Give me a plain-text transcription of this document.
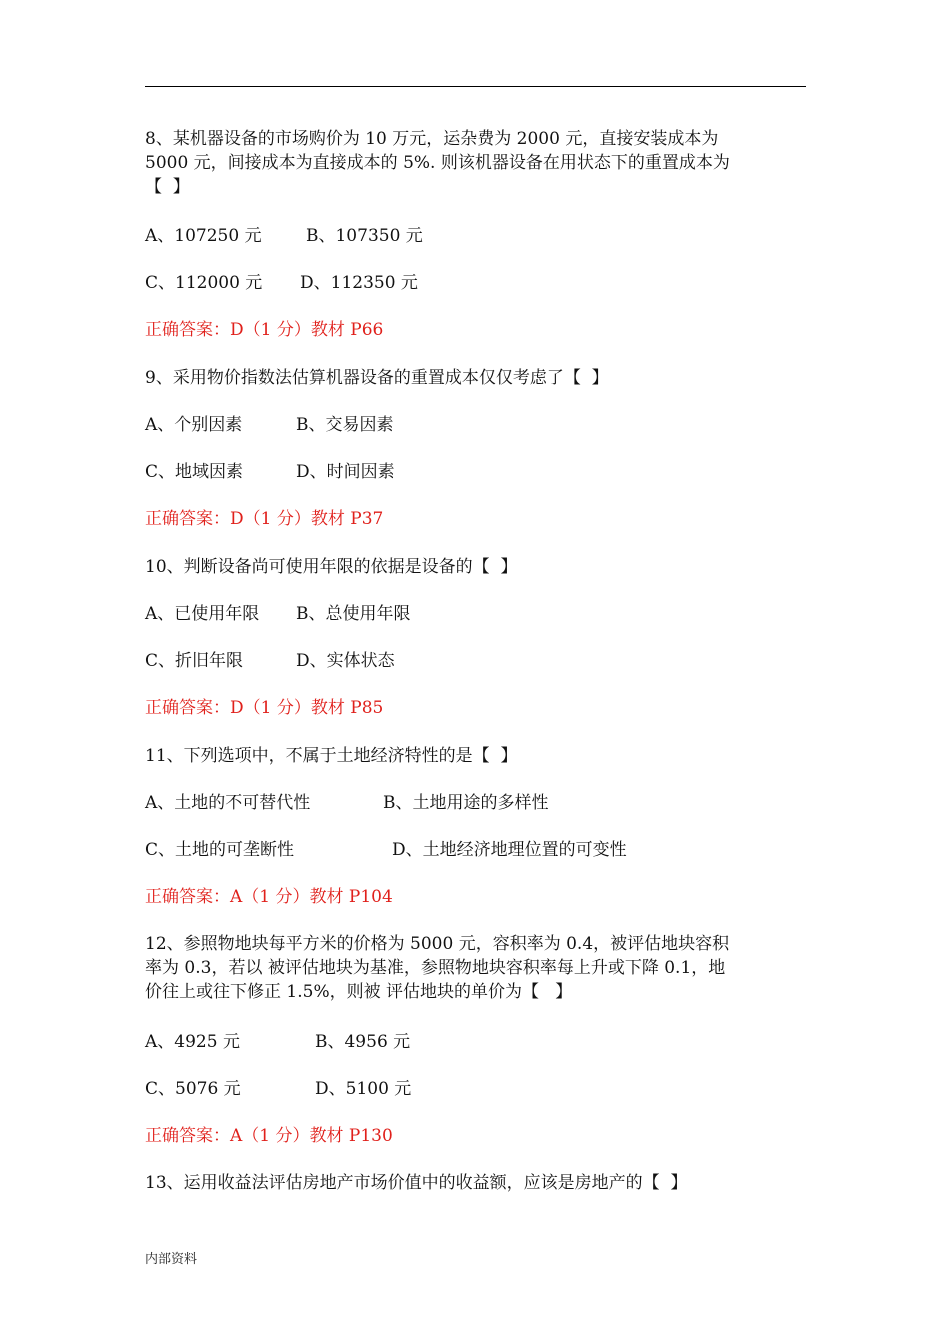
8、某机器设备的市场购价为 10 万元，运杂费为 2000 元，直接安装成本为
5000 元，间接成本为直接成本的 5%. 则该机器设备在用状态下的重置成本为
【  】
A、107250 元	B、107350 元
C、112000 元 D、112350 元
正确答案：D（1 分）教材 P66
9、采用物价指数法估算机器设备的重置成本仅仅考虑了【  】
A、个别因素	B、交易因素
C、地域因素	D、时间因素
正确答案：D（1 分）教材 P37
10、判断设备尚可使用年限的依据是设备的【  】
A、已使用年限 B、总使用年限
C、折旧年限	D、实体状态
正确答案：D（1 分）教材 P85
11、下列选项中，不属于土地经济特性的是【  】
A、土地的不可替代性	B、土地用途的多样性
C、土地的可垄断性	D、土地经济地理位置的可变性
正确答案：A（1 分）教材 P104
12、参照物地块每平方米的价格为 5000 元，容积率为 0.4，被评估地块容积
率为 0.3，若以 被评估地块为基准，参照物地块容积率每上升或下降 0.1，地
价往上或往下修正 1.5%，则被 评估地块的单价为【   】
A、4925 元	B、4956 元
C、5076 元	D、5100 元
正确答案：A（1 分）教材 P130
13、运用收益法评估房地产市场价值中的收益额，应该是房地产的【  】
内部资料
